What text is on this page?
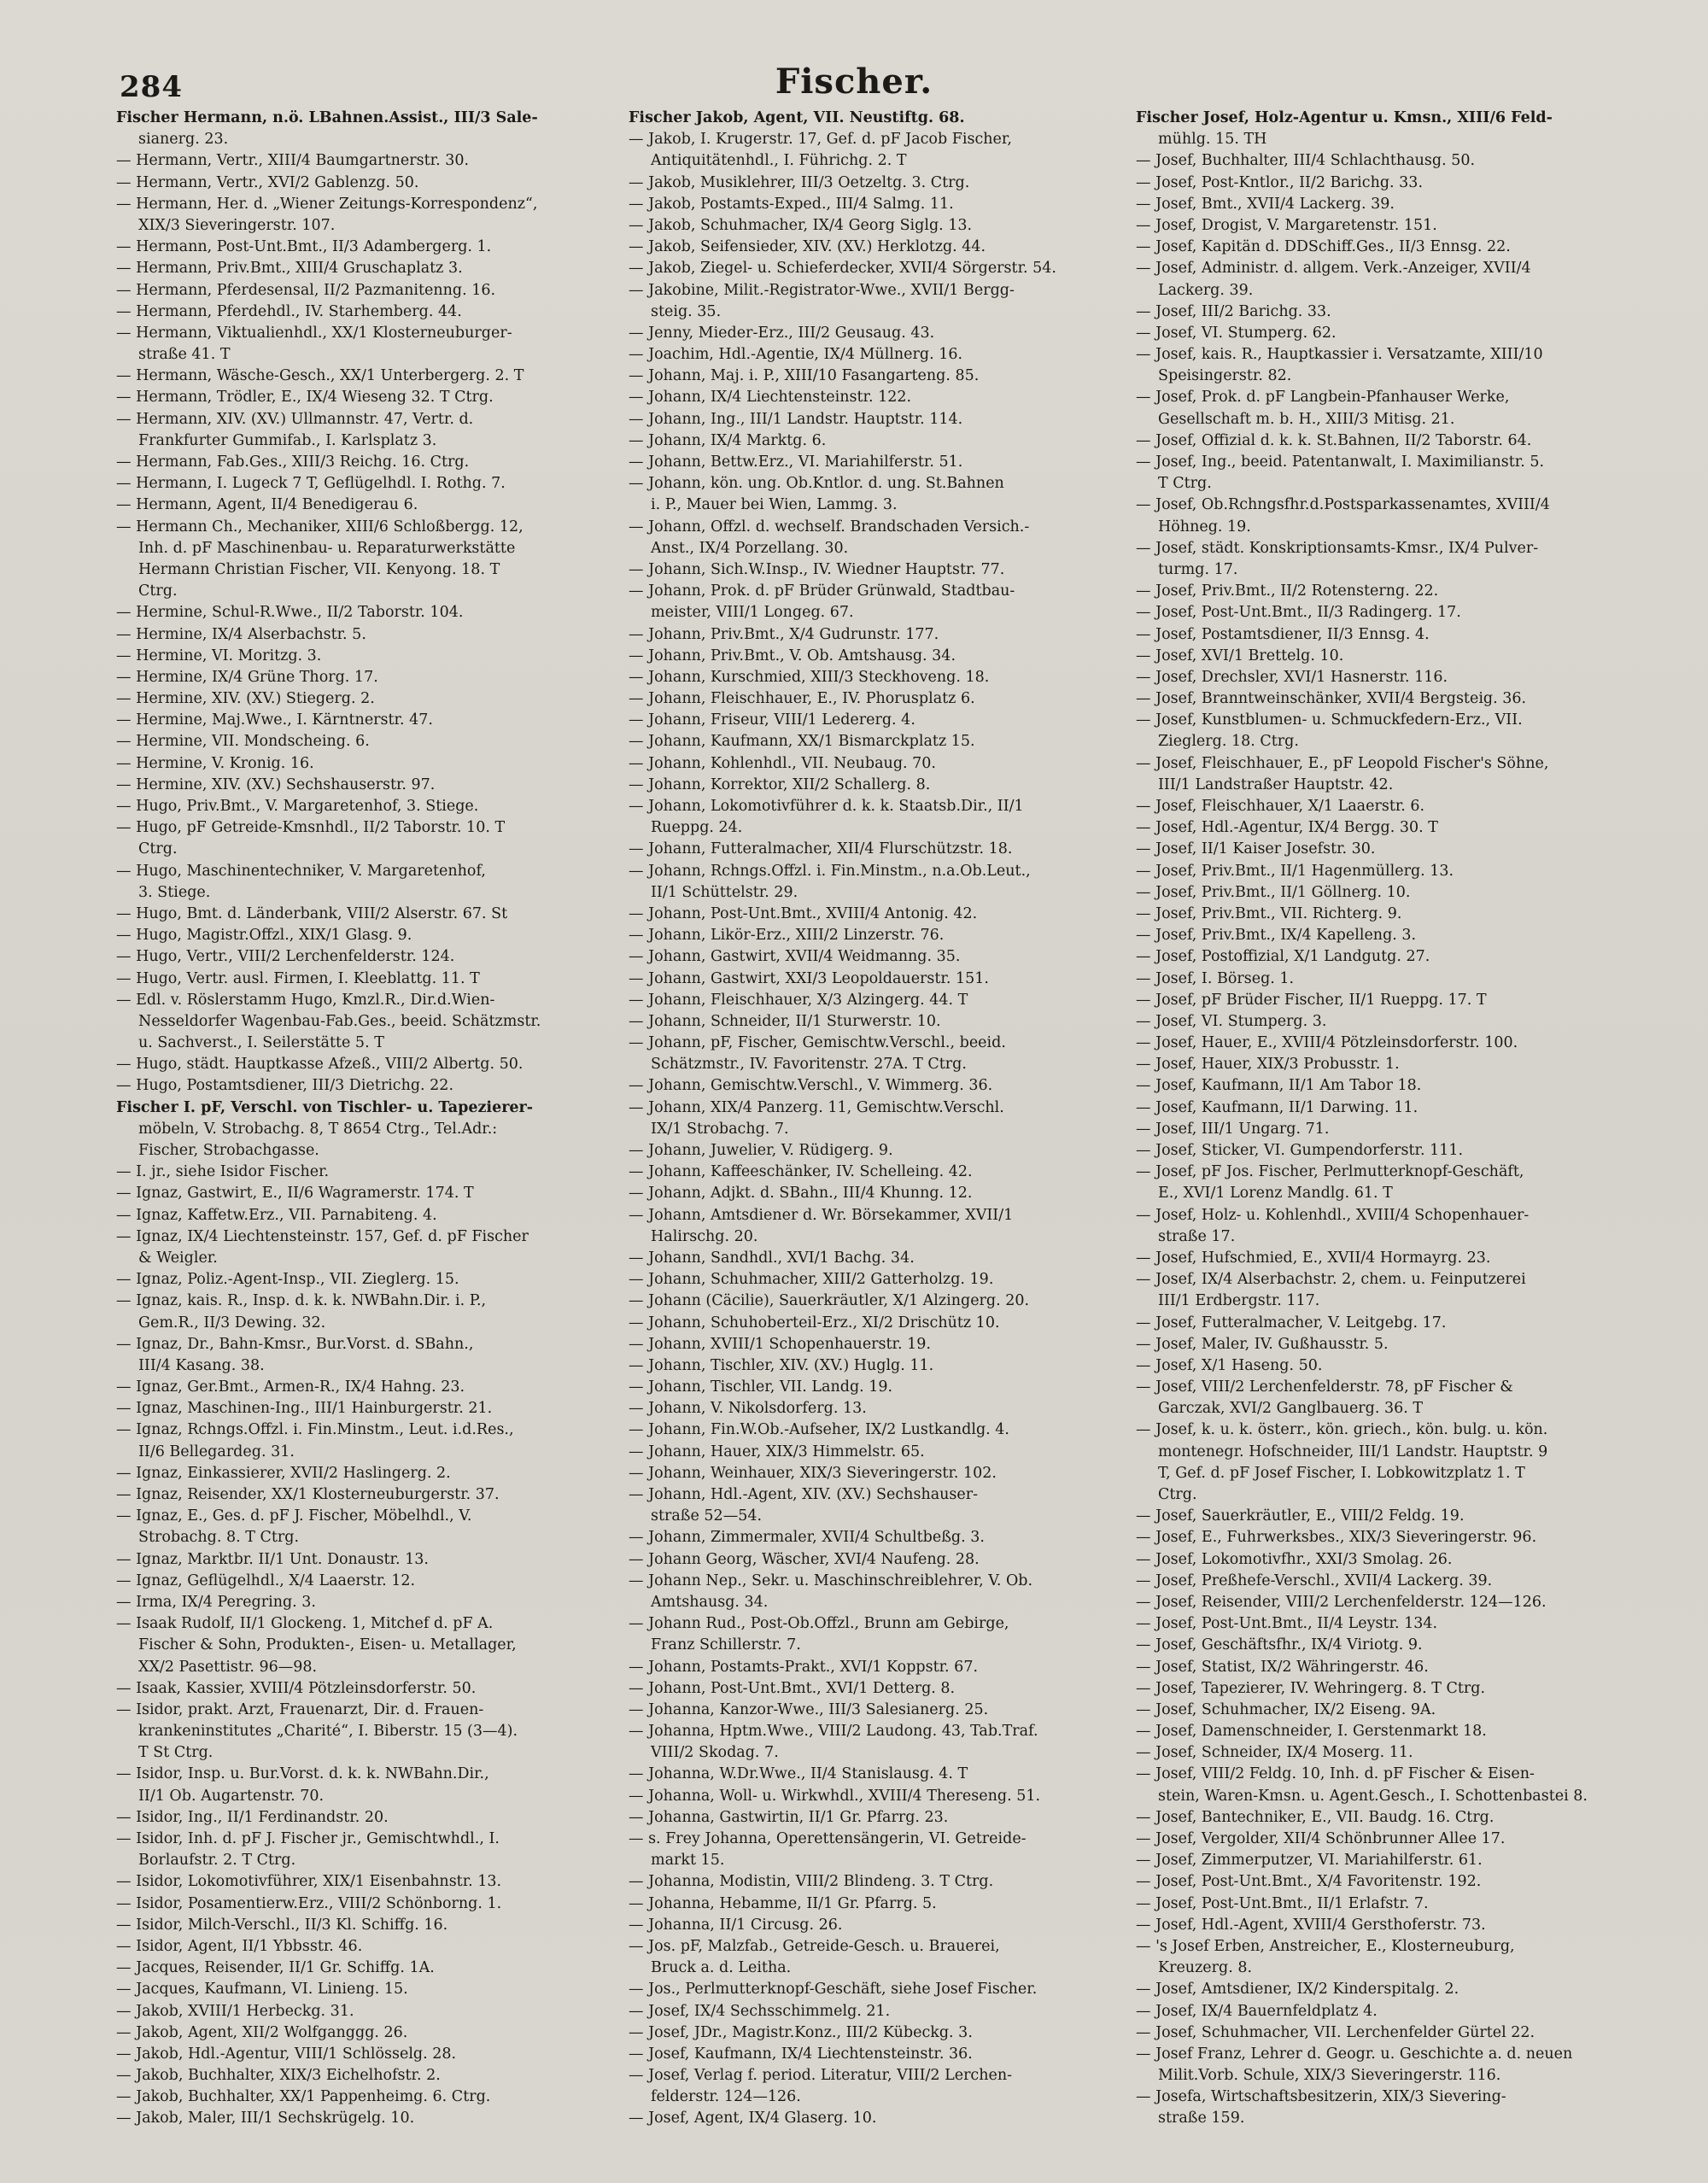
284	Fischer.
Fischer Hermann, n.ö. LBahnen.Assist., III/3 Sale-
sianerg. 23.
— Hermann, Vertr., XIII/4 Baumgartnerstr. 30.
— Hermann, Vertr., XVI/2 Gablenzg. 50.
— Hermann, Her. d. „Wiener Zeitungs-Korrespondenz“,
XIX/3 Sieveringerstr. 107.
— Hermann, Post-Unt.Bmt., II/3 Adambergerg. 1.
— Hermann, Priv.Bmt., XIII/4 Gruschaplatz 3.
— Hermann, Pferdesensal, II/2 Pazmanitenng. 16.
— Hermann, Pferdehdl., IV. Starhemberg. 44.
— Hermann, Viktualienhdl., XX/1 Klosterneuburger-
straße 41. T
— Hermann, Wäsche-Gesch., XX/1 Unterbergerg. 2. T
— Hermann, Trödler, E., IX/4 Wieseng 32. T Ctrg.
— Hermann, XIV. (XV.) Ullmannstr. 47, Vertr. d.
Frankfurter Gummifab., I. Karlsplatz 3.
— Hermann, Fab.Ges., XIII/3 Reichg. 16. Ctrg.
— Hermann, I. Lugeck 7 T, Geflügelhdl. I. Rothg. 7.
— Hermann, Agent, II/4 Benedigerau 6.
— Hermann Ch., Mechaniker, XIII/6 Schloßbergg. 12,
Inh. d. pF Maschinenbau- u. Reparaturwerkstätte
Hermann Christian Fischer, VII. Kenyong. 18. T
Ctrg.
— Hermine, Schul-R.Wwe., II/2 Taborstr. 104.
— Hermine, IX/4 Alserbachstr. 5.
— Hermine, VI. Moritzg. 3.
— Hermine, IX/4 Grüne Thorg. 17.
— Hermine, XIV. (XV.) Stiegerg. 2.
— Hermine, Maj.Wwe., I. Kärntnerstr. 47.
— Hermine, VII. Mondscheing. 6.
— Hermine, V. Kronig. 16.
— Hermine, XIV. (XV.) Sechshauserstr. 97.
— Hugo, Priv.Bmt., V. Margaretenhof, 3. Stiege.
— Hugo, pF Getreide-Kmsnhdl., II/2 Taborstr. 10. T
Ctrg.
— Hugo, Maschinentechniker, V. Margaretenhof,
3. Stiege.
— Hugo, Bmt. d. Länderbank, VIII/2 Alserstr. 67. St
— Hugo, Magistr.Offzl., XIX/1 Glasg. 9.
— Hugo, Vertr., VIII/2 Lerchenfelderstr. 124.
— Hugo, Vertr. ausl. Firmen, I. Kleeblattg. 11. T
— Edl. v. Röslerstamm Hugo, Kmzl.R., Dir.d.Wien-
Nesseldorfer Wagenbau-Fab.Ges., beeid. Schätzmstr.
u. Sachverst., I. Seilerstätte 5. T
— Hugo, städt. Hauptkasse Afzeß., VIII/2 Albertg. 50.
— Hugo, Postamtsdiener, III/3 Dietrichg. 22.
Fischer I. pF, Verschl. von Tischler- u. Tapezierer-
möbeln, V. Strobachg. 8, T 8654 Ctrg., Tel.Adr.:
Fischer, Strobachgasse.
— I. jr., siehe Isidor Fischer.
— Ignaz, Gastwirt, E., II/6 Wagramerstr. 174. T
— Ignaz, Kaffetw.Erz., VII. Parnabiteng. 4.
— Ignaz, IX/4 Liechtensteinstr. 157, Gef. d. pF Fischer
& Weigler.
— Ignaz, Poliz.-Agent-Insp., VII. Zieglerg. 15.
— Ignaz, kais. R., Insp. d. k. k. NWBahn.Dir. i. P.,
Gem.R., II/3 Dewing. 32.
— Ignaz, Dr., Bahn-Kmsr., Bur.Vorst. d. SBahn.,
III/4 Kasang. 38.
— Ignaz, Ger.Bmt., Armen-R., IX/4 Hahng. 23.
— Ignaz, Maschinen-Ing., III/1 Hainburgerstr. 21.
— Ignaz, Rchngs.Offzl. i. Fin.Minstm., Leut. i.d.Res.,
II/6 Bellegardeg. 31.
— Ignaz, Einkassierer, XVII/2 Haslingerg. 2.
— Ignaz, Reisender, XX/1 Klosterneuburgerstr. 37.
— Ignaz, E., Ges. d. pF J. Fischer, Möbelhdl., V.
Strobachg. 8. T Ctrg.
— Ignaz, Marktbr. II/1 Unt. Donaustr. 13.
— Ignaz, Geflügelhdl., X/4 Laaerstr. 12.
— Irma, IX/4 Peregring. 3.
— Isaak Rudolf, II/1 Glockeng. 1, Mitchef d. pF A.
Fischer & Sohn, Produkten-, Eisen- u. Metallager,
XX/2 Pasettistr. 96—98.
— Isaak, Kassier, XVIII/4 Pötzleinsdorferstr. 50.
— Isidor, prakt. Arzt, Frauenarzt, Dir. d. Frauen-
krankeninstitutes „Charité“, I. Biberstr. 15 (3—4).
T St Ctrg.
— Isidor, Insp. u. Bur.Vorst. d. k. k. NWBahn.Dir.,
II/1 Ob. Augartenstr. 70.
— Isidor, Ing., II/1 Ferdinandstr. 20.
— Isidor, Inh. d. pF J. Fischer jr., Gemischtwhdl., I.
Borlaufstr. 2. T Ctrg.
— Isidor, Lokomotivführer, XIX/1 Eisenbahnstr. 13.
— Isidor, Posamentierw.Erz., VIII/2 Schönborng. 1.
— Isidor, Milch-Verschl., II/3 Kl. Schiffg. 16.
— Isidor, Agent, II/1 Ybbsstr. 46.
— Jacques, Reisender, II/1 Gr. Schiffg. 1A.
— Jacques, Kaufmann, VI. Linieng. 15.
— Jakob, XVIII/1 Herbeckg. 31.
— Jakob, Agent, XII/2 Wolfganggg. 26.
— Jakob, Hdl.-Agentur, VIII/1 Schlösselg. 28.
— Jakob, Buchhalter, XIX/3 Eichelhofstr. 2.
— Jakob, Buchhalter, XX/1 Pappenheimg. 6. Ctrg.
— Jakob, Maler, III/1 Sechskrügelg. 10.
Fischer Jakob, Agent, VII. Neustiftg. 68.
— Jakob, I. Krugerstr. 17, Gef. d. pF Jacob Fischer,
Antiquitätenhdl., I. Führichg. 2. T
— Jakob, Musiklehrer, III/3 Oetzeltg. 3. Ctrg.
— Jakob, Postamts-Exped., III/4 Salmg. 11.
— Jakob, Schuhmacher, IX/4 Georg Siglg. 13.
— Jakob, Seifensieder, XIV. (XV.) Herklotzg. 44.
— Jakob, Ziegel- u. Schieferdecker, XVII/4 Sörgerstr. 54.
— Jakobine, Milit.-Registrator-Wwe., XVII/1 Bergg-
steig. 35.
— Jenny, Mieder-Erz., III/2 Geusaug. 43.
— Joachim, Hdl.-Agentie, IX/4 Müllnerg. 16.
— Johann, Maj. i. P., XIII/10 Fasangarteng. 85.
— Johann, IX/4 Liechtensteinstr. 122.
— Johann, Ing., III/1 Landstr. Hauptstr. 114.
— Johann, IX/4 Marktg. 6.
— Johann, Bettw.Erz., VI. Mariahilferstr. 51.
— Johann, kön. ung. Ob.Kntlor. d. ung. St.Bahnen
i. P., Mauer bei Wien, Lammg. 3.
— Johann, Offzl. d. wechself. Brandschaden Versich.-
Anst., IX/4 Porzellang. 30.
— Johann, Sich.W.Insp., IV. Wiedner Hauptstr. 77.
— Johann, Prok. d. pF Brüder Grünwald, Stadtbau-
meister, VIII/1 Longeg. 67.
— Johann, Priv.Bmt., X/4 Gudrunstr. 177.
— Johann, Priv.Bmt., V. Ob. Amtshausg. 34.
— Johann, Kurschmied, XIII/3 Steckhoveng. 18.
— Johann, Fleischhauer, E., IV. Phorusplatz 6.
— Johann, Friseur, VIII/1 Ledererg. 4.
— Johann, Kaufmann, XX/1 Bismarckplatz 15.
— Johann, Kohlenhdl., VII. Neubaug. 70.
— Johann, Korrektor, XII/2 Schallerg. 8.
— Johann, Lokomotivführer d. k. k. Staatsb.Dir., II/1
Rueppg. 24.
— Johann, Futteralmacher, XII/4 Flurschützstr. 18.
— Johann, Rchngs.Offzl. i. Fin.Minstm., n.a.Ob.Leut.,
II/1 Schüttelstr. 29.
— Johann, Post-Unt.Bmt., XVIII/4 Antonig. 42.
— Johann, Likör-Erz., XIII/2 Linzerstr. 76.
— Johann, Gastwirt, XVII/4 Weidmanng. 35.
— Johann, Gastwirt, XXI/3 Leopoldauerstr. 151.
— Johann, Fleischhauer, X/3 Alzingerg. 44. T
— Johann, Schneider, II/1 Sturwerstr. 10.
— Johann, pF, Fischer, Gemischtw.Verschl., beeid.
Schätzmstr., IV. Favoritenstr. 27A. T Ctrg.
— Johann, Gemischtw.Verschl., V. Wimmerg. 36.
— Johann, XIX/4 Panzerg. 11, Gemischtw.Verschl.
IX/1 Strobachg. 7.
— Johann, Juwelier, V. Rüdigerg. 9.
— Johann, Kaffeeschänker, IV. Schelleing. 42.
— Johann, Adjkt. d. SBahn., III/4 Khunng. 12.
— Johann, Amtsdiener d. Wr. Börsekammer, XVII/1
Halirschg. 20.
— Johann, Sandhdl., XVI/1 Bachg. 34.
— Johann, Schuhmacher, XIII/2 Gatterholzg. 19.
— Johann (Cäcilie), Sauerkräutler, X/1 Alzingerg. 20.
— Johann, Schuhoberteil-Erz., XI/2 Drischütz 10.
— Johann, XVIII/1 Schopenhauerstr. 19.
— Johann, Tischler, XIV. (XV.) Huglg. 11.
— Johann, Tischler, VII. Landg. 19.
— Johann, V. Nikolsdorferg. 13.
— Johann, Fin.W.Ob.-Aufseher, IX/2 Lustkandlg. 4.
— Johann, Hauer, XIX/3 Himmelstr. 65.
— Johann, Weinhauer, XIX/3 Sieveringerstr. 102.
— Johann, Hdl.-Agent, XIV. (XV.) Sechshauser-
straße 52—54.
— Johann, Zimmermaler, XVII/4 Schultbeßg. 3.
— Johann Georg, Wäscher, XVI/4 Naufeng. 28.
— Johann Nep., Sekr. u. Maschinschreiblehrer, V. Ob.
Amtshausg. 34.
— Johann Rud., Post-Ob.Offzl., Brunn am Gebirge,
Franz Schillerstr. 7.
— Johann, Postamts-Prakt., XVI/1 Koppstr. 67.
— Johann, Post-Unt.Bmt., XVI/1 Detterg. 8.
— Johanna, Kanzor-Wwe., III/3 Salesianerg. 25.
— Johanna, Hptm.Wwe., VIII/2 Laudong. 43, Tab.Traf.
VIII/2 Skodag. 7.
— Johanna, W.Dr.Wwe., II/4 Stanislausg. 4. T
— Johanna, Woll- u. Wirkwhdl., XVIII/4 Thereseng. 51.
— Johanna, Gastwirtin, II/1 Gr. Pfarrg. 23.
— s. Frey Johanna, Operettensängerin, VI. Getreide-
markt 15.
— Johanna, Modistin, VIII/2 Blindeng. 3. T Ctrg.
— Johanna, Hebamme, II/1 Gr. Pfarrg. 5.
— Johanna, II/1 Circusg. 26.
— Jos. pF, Malzfab., Getreide-Gesch. u. Brauerei,
Bruck a. d. Leitha.
— Jos., Perlmutterknopf-Geschäft, siehe Josef Fischer.
— Josef, IX/4 Sechsschimmelg. 21.
— Josef, JDr., Magistr.Konz., III/2 Kübeckg. 3.
— Josef, Kaufmann, IX/4 Liechtensteinstr. 36.
— Josef, Verlag f. period. Literatur, VIII/2 Lerchen-
felderstr. 124—126.
— Josef, Agent, IX/4 Glaserg. 10.
Fischer Josef, Holz-Agentur u. Kmsn., XIII/6 Feld-
mühlg. 15. TH
— Josef, Buchhalter, III/4 Schlachthausg. 50.
— Josef, Post-Kntlor., II/2 Barichg. 33.
— Josef, Bmt., XVII/4 Lackerg. 39.
— Josef, Drogist, V. Margaretenstr. 151.
— Josef, Kapitän d. DDSchiff.Ges., II/3 Ennsg. 22.
— Josef, Administr. d. allgem. Verk.-Anzeiger, XVII/4
Lackerg. 39.
— Josef, III/2 Barichg. 33.
— Josef, VI. Stumperg. 62.
— Josef, kais. R., Hauptkassier i. Versatzamte, XIII/10
Speisingerstr. 82.
— Josef, Prok. d. pF Langbein-Pfanhauser Werke,
Gesellschaft m. b. H., XIII/3 Mitisg. 21.
— Josef, Offizial d. k. k. St.Bahnen, II/2 Taborstr. 64.
— Josef, Ing., beeid. Patentanwalt, I. Maximilianstr. 5.
T Ctrg.
— Josef, Ob.Rchngsfhr.d.Postsparkassenamtes, XVIII/4
Höhneg. 19.
— Josef, städt. Konskriptionsamts-Kmsr., IX/4 Pulver-
turmg. 17.
— Josef, Priv.Bmt., II/2 Rotensterng. 22.
— Josef, Post-Unt.Bmt., II/3 Radingerg. 17.
— Josef, Postamtsdiener, II/3 Ennsg. 4.
— Josef, XVI/1 Brettelg. 10.
— Josef, Drechsler, XVI/1 Hasnerstr. 116.
— Josef, Branntweinschänker, XVII/4 Bergsteig. 36.
— Josef, Kunstblumen- u. Schmuckfedern-Erz., VII.
Zieglerg. 18. Ctrg.
— Josef, Fleischhauer, E., pF Leopold Fischer's Söhne,
III/1 Landstraßer Hauptstr. 42.
— Josef, Fleischhauer, X/1 Laaerstr. 6.
— Josef, Hdl.-Agentur, IX/4 Bergg. 30. T
— Josef, II/1 Kaiser Josefstr. 30.
— Josef, Priv.Bmt., II/1 Hagenmüllerg. 13.
— Josef, Priv.Bmt., II/1 Göllnerg. 10.
— Josef, Priv.Bmt., VII. Richterg. 9.
— Josef, Priv.Bmt., IX/4 Kapelleng. 3.
— Josef, Postoffizial, X/1 Landgutg. 27.
— Josef, I. Börseg. 1.
— Josef, pF Brüder Fischer, II/1 Rueppg. 17. T
— Josef, VI. Stumperg. 3.
— Josef, Hauer, E., XVIII/4 Pötzleinsdorferstr. 100.
— Josef, Hauer, XIX/3 Probusstr. 1.
— Josef, Kaufmann, II/1 Am Tabor 18.
— Josef, Kaufmann, II/1 Darwing. 11.
— Josef, III/1 Ungarg. 71.
— Josef, Sticker, VI. Gumpendorferstr. 111.
— Josef, pF Jos. Fischer, Perlmutterknopf-Geschäft,
E., XVI/1 Lorenz Mandlg. 61. T
— Josef, Holz- u. Kohlenhdl., XVIII/4 Schopenhauer-
straße 17.
— Josef, Hufschmied, E., XVII/4 Hormayrg. 23.
— Josef, IX/4 Alserbachstr. 2, chem. u. Feinputzerei
III/1 Erdbergstr. 117.
— Josef, Futteralmacher, V. Leitgebg. 17.
— Josef, Maler, IV. Gußhausstr. 5.
— Josef, X/1 Haseng. 50.
— Josef, VIII/2 Lerchenfelderstr. 78, pF Fischer &
Garczak, XVI/2 Ganglbauerg. 36. T
— Josef, k. u. k. österr., kön. griech., kön. bulg. u. kön.
montenegr. Hofschneider, III/1 Landstr. Hauptstr. 9
T, Gef. d. pF Josef Fischer, I. Lobkowitzplatz 1. T
Ctrg.
— Josef, Sauerkräutler, E., VIII/2 Feldg. 19.
— Josef, E., Fuhrwerksbes., XIX/3 Sieveringerstr. 96.
— Josef, Lokomotivfhr., XXI/3 Smolag. 26.
— Josef, Preßhefe-Verschl., XVII/4 Lackerg. 39.
— Josef, Reisender, VIII/2 Lerchenfelderstr. 124—126.
— Josef, Post-Unt.Bmt., II/4 Leystr. 134.
— Josef, Geschäftsfhr., IX/4 Viriotg. 9.
— Josef, Statist, IX/2 Währingerstr. 46.
— Josef, Tapezierer, IV. Wehringerg. 8. T Ctrg.
— Josef, Schuhmacher, IX/2 Eiseng. 9A.
— Josef, Damenschneider, I. Gerstenmarkt 18.
— Josef, Schneider, IX/4 Moserg. 11.
— Josef, VIII/2 Feldg. 10, Inh. d. pF Fischer & Eisen-
stein, Waren-Kmsn. u. Agent.Gesch., I. Schottenbastei 8.
— Josef, Bantechniker, E., VII. Baudg. 16. Ctrg.
— Josef, Vergolder, XII/4 Schönbrunner Allee 17.
— Josef, Zimmerputzer, VI. Mariahilferstr. 61.
— Josef, Post-Unt.Bmt., X/4 Favoritenstr. 192.
— Josef, Post-Unt.Bmt., II/1 Erlafstr. 7.
— Josef, Hdl.-Agent, XVIII/4 Gersthoferstr. 73.
— 's Josef Erben, Anstreicher, E., Klosterneuburg,
Kreuzerg. 8.
— Josef, Amtsdiener, IX/2 Kinderspitalg. 2.
— Josef, IX/4 Bauernfeldplatz 4.
— Josef, Schuhmacher, VII. Lerchenfelder Gürtel 22.
— Josef Franz, Lehrer d. Geogr. u. Geschichte a. d. neuen
Milit.Vorb. Schule, XIX/3 Sieveringerstr. 116.
— Josefa, Wirtschaftsbesitzerin, XIX/3 Sievering-
straße 159.
